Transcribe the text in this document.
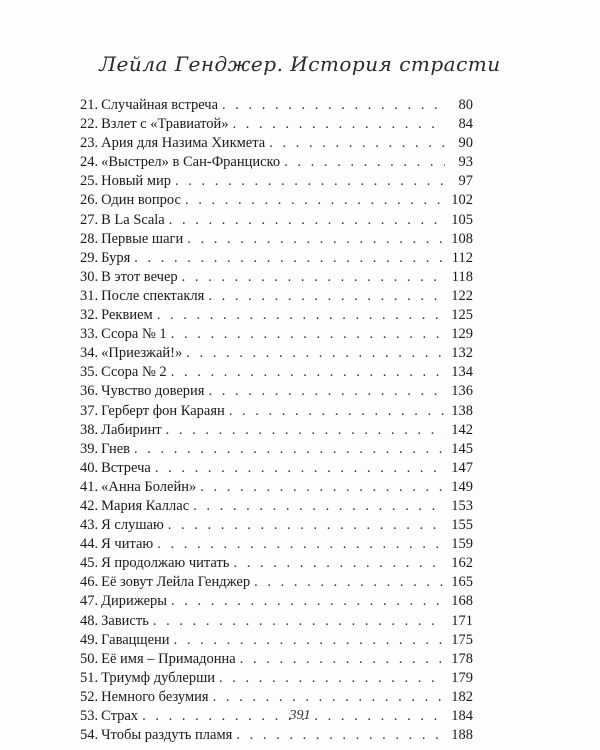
Лейла Генджер. История страсти
21. Случайная встреча . . .	80
22. Взлет с «Травиатой» . . .	84
23. Ария для Назима Хикмета . . .	90
24. «Выстрел» в Сан-Франциско . . .	93
25. Новый мир . . .	97
26. Один вопрос . . .	102
27. В La Scala . . .	105
28. Первые шаги . . .	108
29. Буря . . .	112
30. В этот вечер . . .	118
31. После спектакля . . .	122
32. Реквием . . .	125
33. Ссора № 1 . . .	129
34. «Приезжай!» . . .	132
35. Ссора № 2 . . .	134
36. Чувство доверия . . .	136
37. Герберт фон Караян . . .	138
38. Лабиринт . . .	142
39. Гнев . . .	145
40. Встреча . . .	147
41. «Анна Болейн» . . .	149
42. Мария Каллас . . .	153
43. Я слушаю . . .	155
44. Я читаю . . .	159
45. Я продолжаю читать . . .	162
46. Её зовут Лейла Генджер . . .	165
47. Дирижеры . . .	168
48. Зависть . . .	171
49. Гавацщени . . .	175
50. Её имя – Примадонна . . .	178
51. Триумф дублерши . . .	179
52. Немного безумия . . .	182
53. Страх . . .	184
54. Чтобы раздуть пламя . . .	188
391
